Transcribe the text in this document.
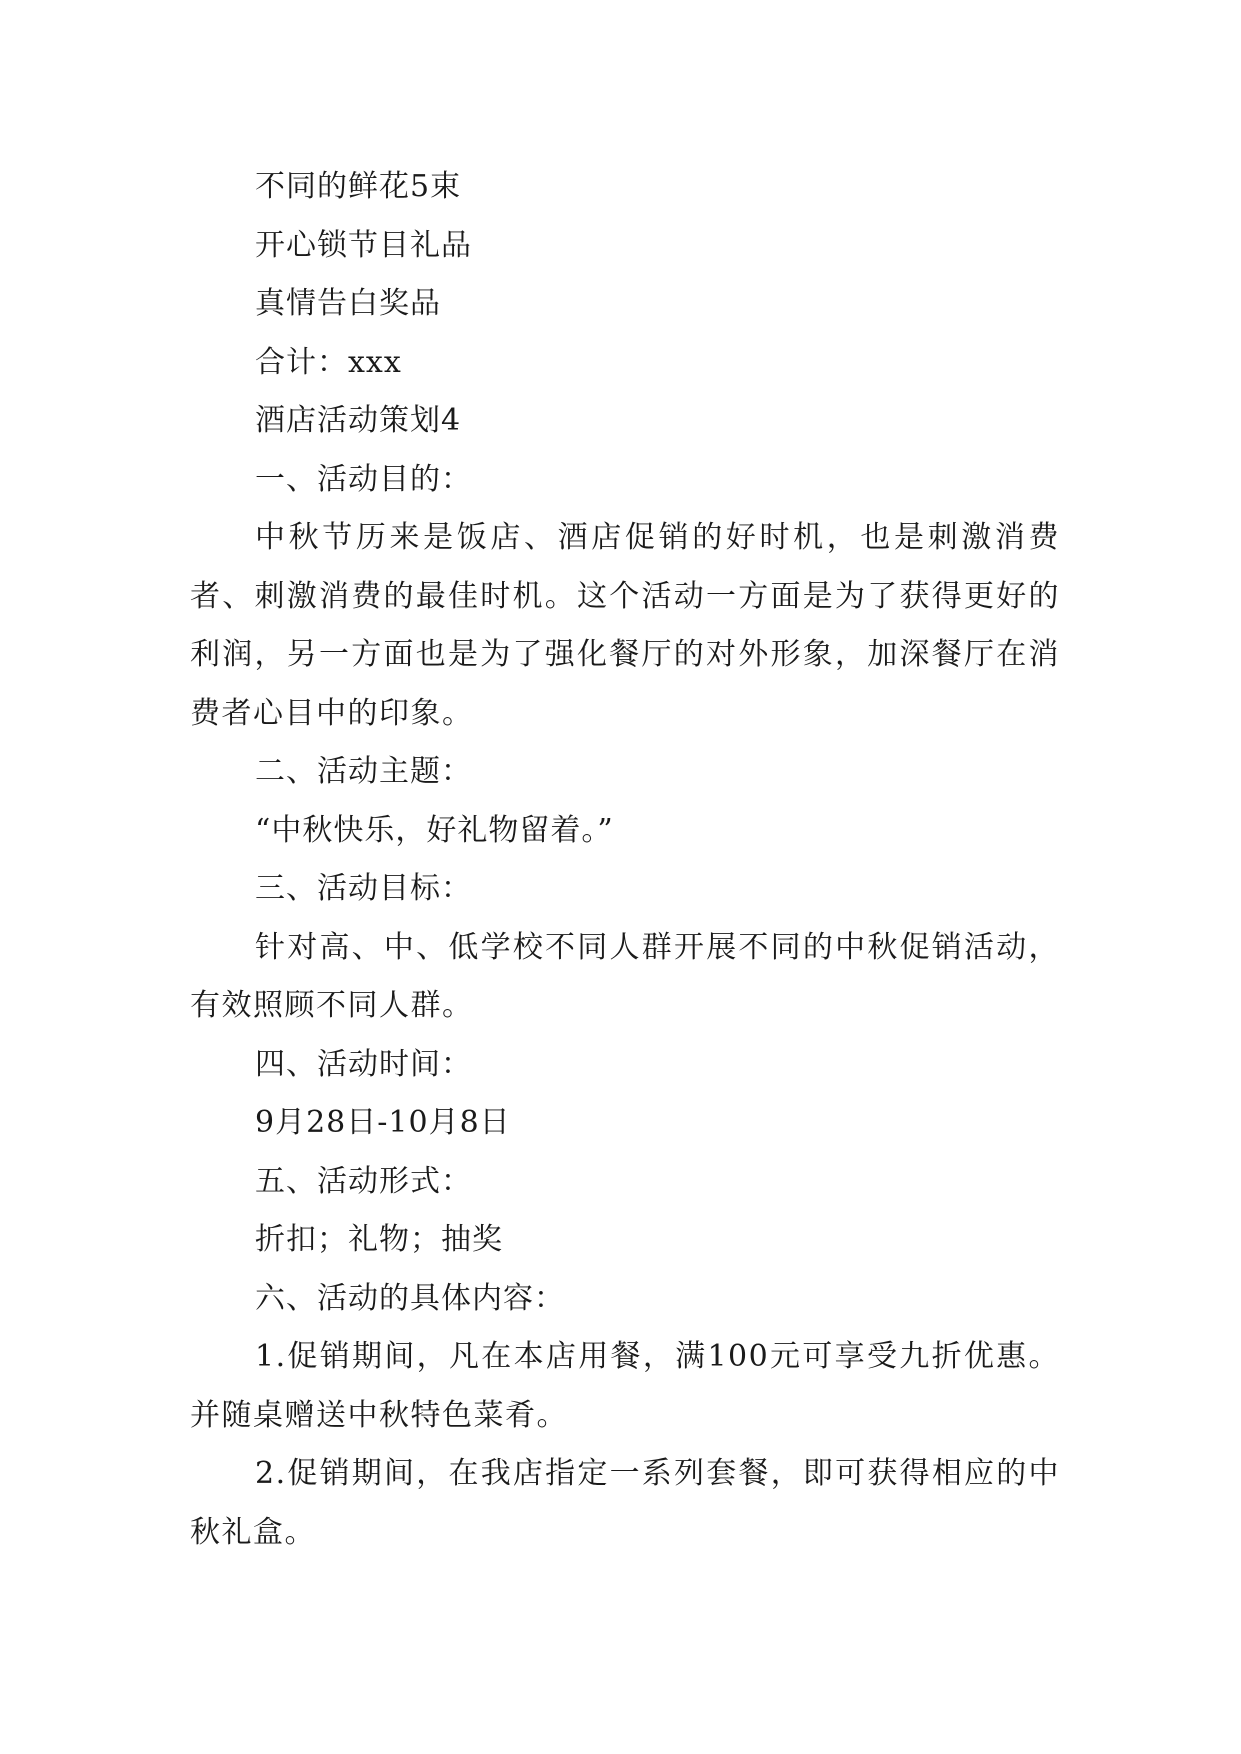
不同的鲜花5束
开心锁节目礼品
真情告白奖品
合计：xxx
酒店活动策划4
一、活动目的：

中秋节历来是饭店、酒店促销的好时机，也是刺激消费者、刺激消费的最佳时机。这个活动一方面是为了获得更好的利润，另一方面也是为了强化餐厅的对外形象，加深餐厅在消费者心目中的印象。

二、活动主题：
“中秋快乐，好礼物留着。”
三、活动目标：

针对高、中、低学校不同人群开展不同的中秋促销活动，有效照顾不同人群。

四、活动时间：
9月28日-10月8日
五、活动形式：
折扣；礼物；抽奖
六、活动的具体内容：

1.促销期间，凡在本店用餐，满100元可享受九折优惠。并随桌赠送中秋特色菜肴。

2.促销期间，在我店指定一系列套餐，即可获得相应的中秋礼盒。
